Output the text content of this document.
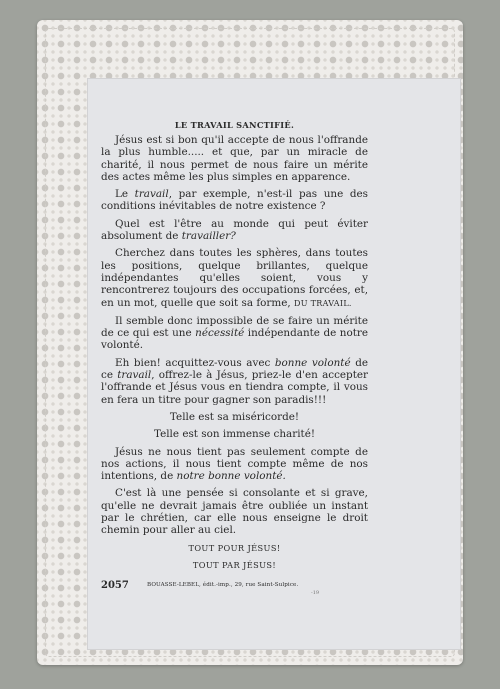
LE TRAVAIL SANCTIFIÉ.

Jésus est si bon qu'il accepte de nous l'offrande la plus humble..... et que, par un miracle de charité, il nous permet de nous faire un mérite des actes même les plus simples en apparence.

Le travail, par exemple, n'est-il pas une des conditions inévitables de notre existence ?

Quel est l'être au monde qui peut éviter absolument de travailler?

Cherchez dans toutes les sphères, dans toutes les positions, quelque brillantes, quelque indépendantes qu'elles soient, vous y rencontrerez toujours des occupations forcées, et, en un mot, quelle que soit sa forme, DU TRAVAIL.

Il semble donc impossible de se faire un mérite de ce qui est une nécessité indépendante de notre volonté.

Eh bien! acquittez-vous avec bonne volonté de ce travail, offrez-le à Jésus, priez-le d'en accepter l'offrande et Jésus vous en tiendra compte, il vous en fera un titre pour gagner son paradis!!!

Telle est sa miséricorde!

Telle est son immense charité!

Jésus ne nous tient pas seulement compte de nos actions, il nous tient compte même de nos intentions, de notre bonne volonté.

C'est là une pensée si consolante et si grave, qu'elle ne devrait jamais être oubliée un instant par le chrétien, car elle nous enseigne le droit chemin pour aller au ciel.

TOUT POUR JÉSUS!

TOUT PAR JÉSUS!

2057	BOUASSE-LEBEL, édit.-imp., 29, rue Saint-Sulpice.
-19
